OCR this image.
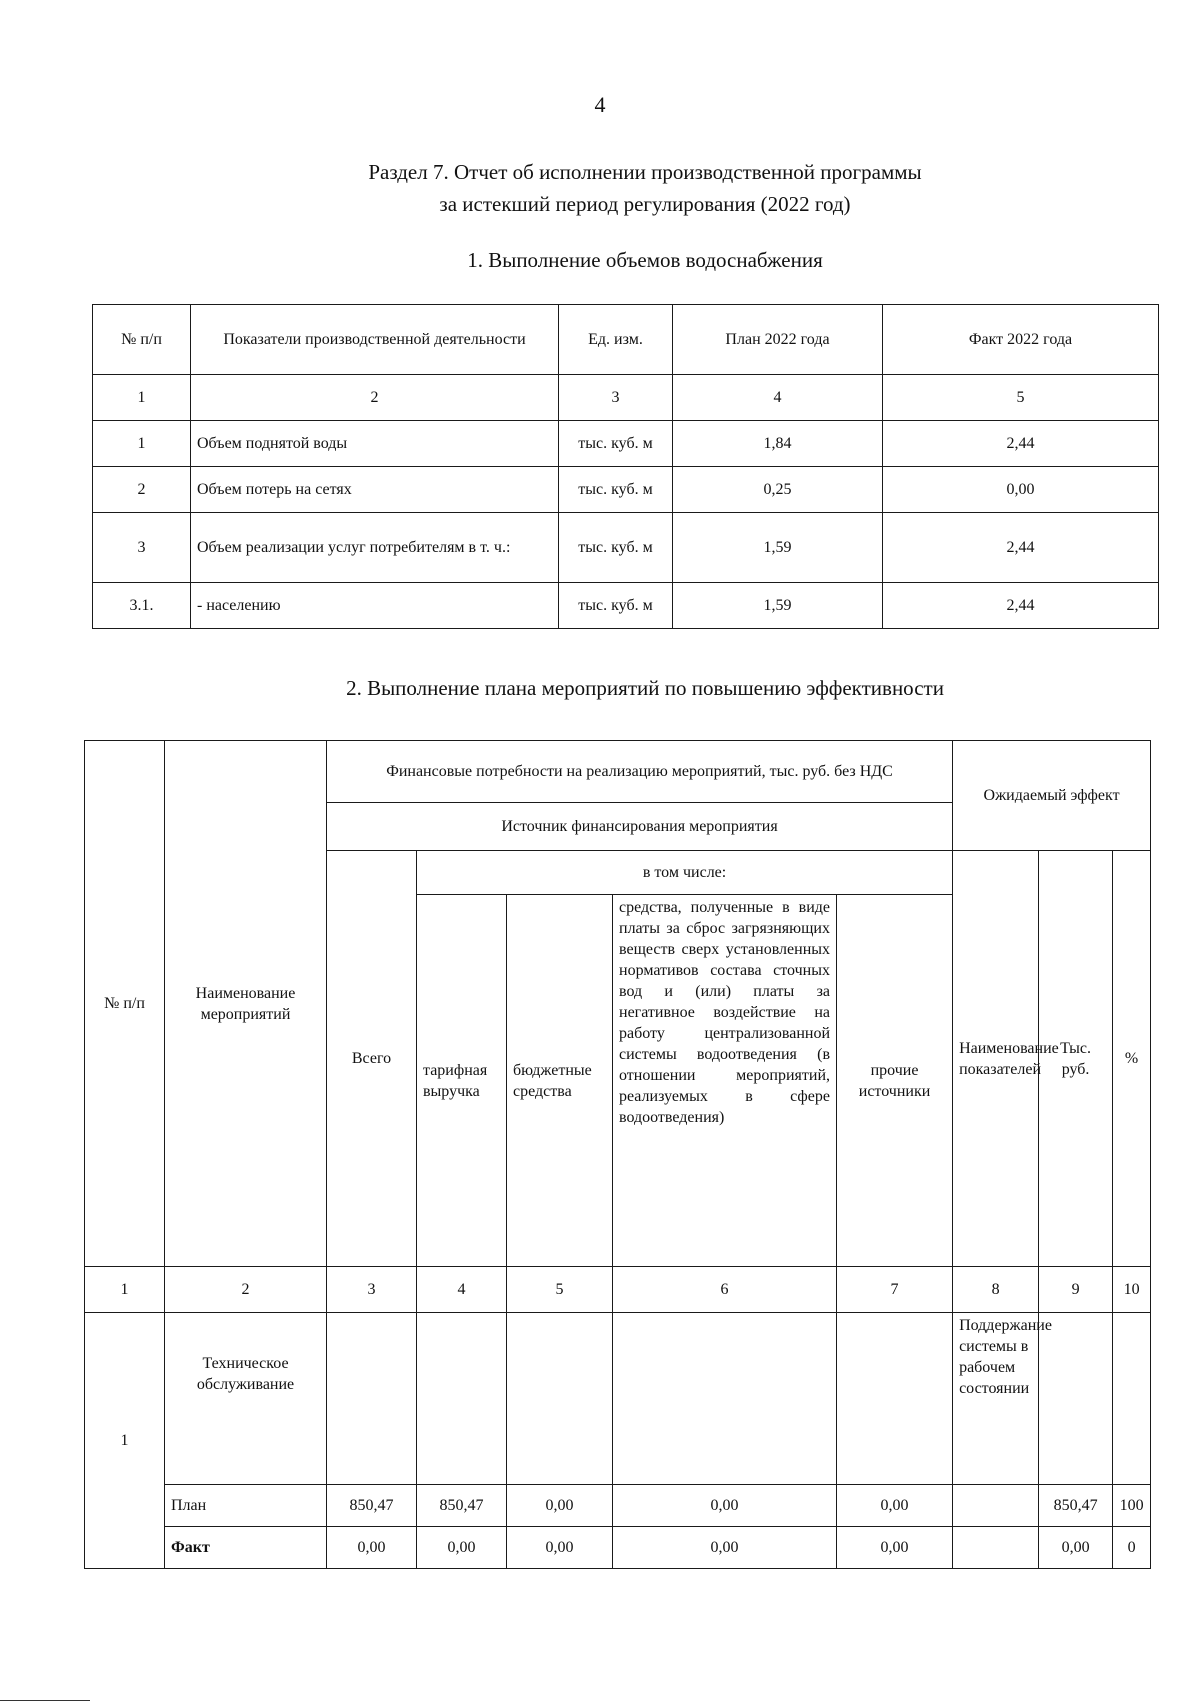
4
Раздел 7. Отчет об исполнении производственной программы
за истекший период регулирования (2022 год)
1. Выполнение объемов водоснабжения
№ п/п	Показатели производственной деятельности	Ед. изм.	План 2022 года	Факт 2022 года
1	2	3	4	5
1	Объем поднятой воды	тыс. куб. м	1,84	2,44
2	Объем потерь на сетях	тыс. куб. м	0,25	0,00
3	Объем реализации услуг потребителям в т. ч.:	тыс. куб. м	1,59	2,44
3.1.	- населению	тыс. куб. м	1,59	2,44
2. Выполнение плана мероприятий по повышению эффективности
№ п/п	Наименование мероприятий	Финансовые потребности на реализацию мероприятий, тыс. руб. без НДС					Ожидаемый эффект		
		Источник финансирования мероприятия							
		Всего	в том числе:				Наименование показателей	Тыс. руб.	%
			тарифная выручка	бюджетные средства	средства, полученные в виде платы за сброс загрязняющих веществ сверх установленных нормативов состава сточных вод и (или) платы за негативное воздействие на работу централизованной системы водоотведения (в отношении мероприятий, реализуемых в сфере водоотведения)	прочие источники			
1	2	3	4	5	6	7	8	9	10
1	Техническое обслуживание						Поддержание системы в рабочем состоянии		
	План	850,47	850,47	0,00	0,00	0,00		850,47	100
	Факт	0,00	0,00	0,00	0,00	0,00		0,00	0
